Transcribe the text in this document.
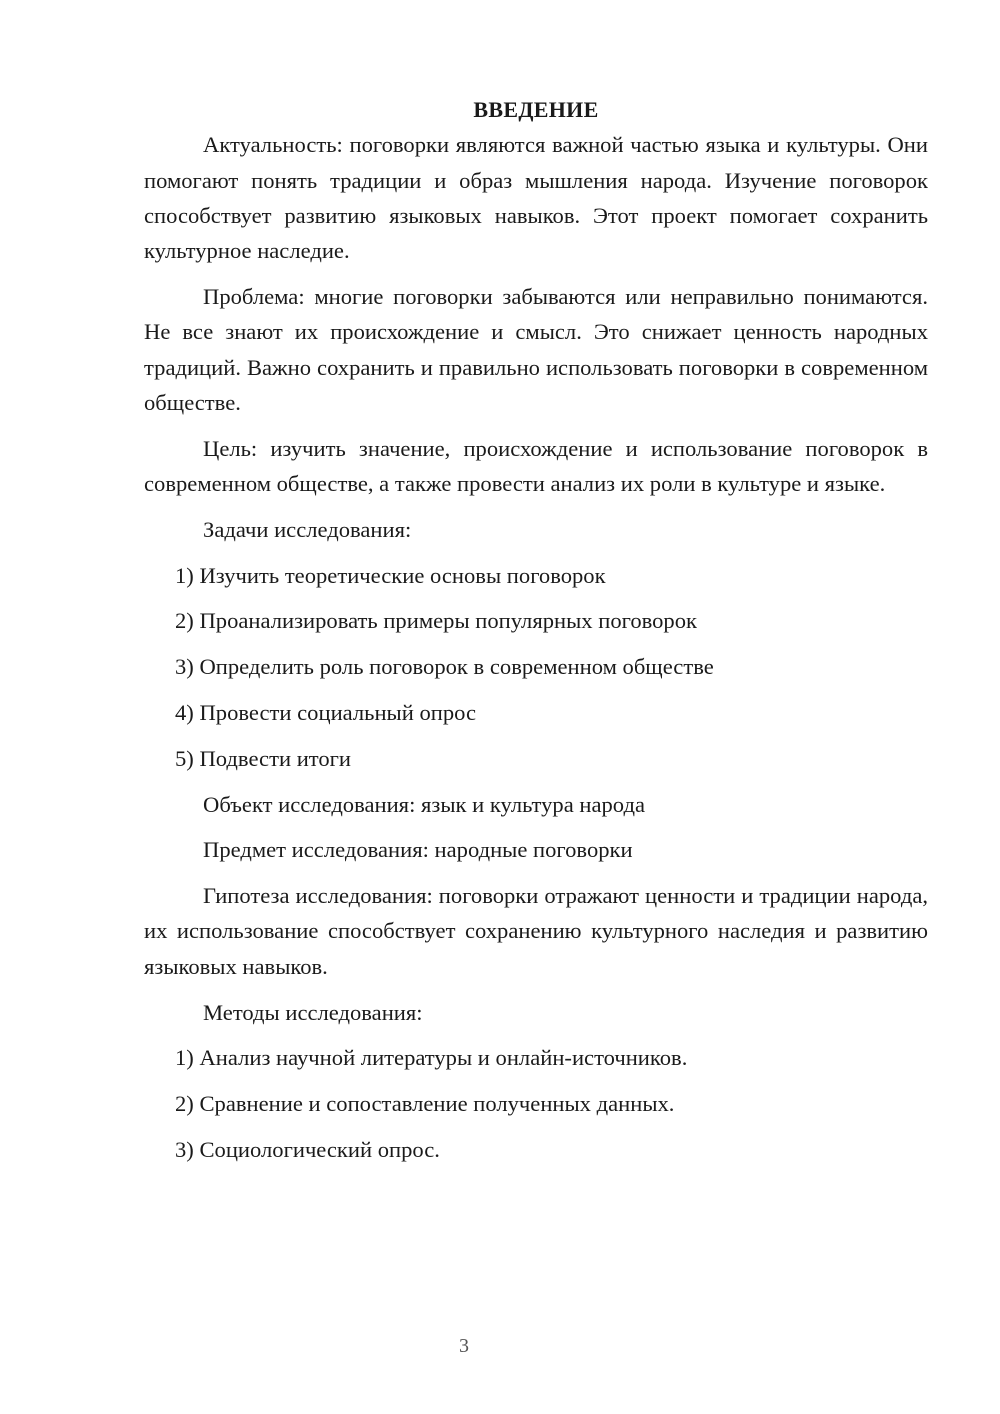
ВВЕДЕНИЕ

Актуальность: поговорки являются важной частью языка и культуры. Они помогают понять традиции и образ мышления народа. Изучение поговорок способствует развитию языковых навыков. Этот проект помогает сохранить культурное наследие.

Проблема: многие поговорки забываются или неправильно понимаются. Не все знают их происхождение и смысл. Это снижает ценность народных традиций. Важно сохранить и правильно использовать поговорки в современном обществе.

Цель: изучить значение, происхождение и использование поговорок в современном обществе, а также провести анализ их роли в культуре и языке.

Задачи исследования:

1) Изучить теоретические основы поговорок

2) Проанализировать примеры популярных поговорок

3) Определить роль поговорок в современном обществе

4) Провести социальный опрос

5) Подвести итоги

Объект исследования: язык и культура народа

Предмет исследования: народные поговорки

Гипотеза исследования: поговорки отражают ценности и традиции народа, их использование способствует сохранению культурного наследия и развитию языковых навыков.

Методы исследования:

1) Анализ научной литературы и онлайн-источников.

2) Сравнение и сопоставление полученных данных.

3) Социологический опрос.

3
